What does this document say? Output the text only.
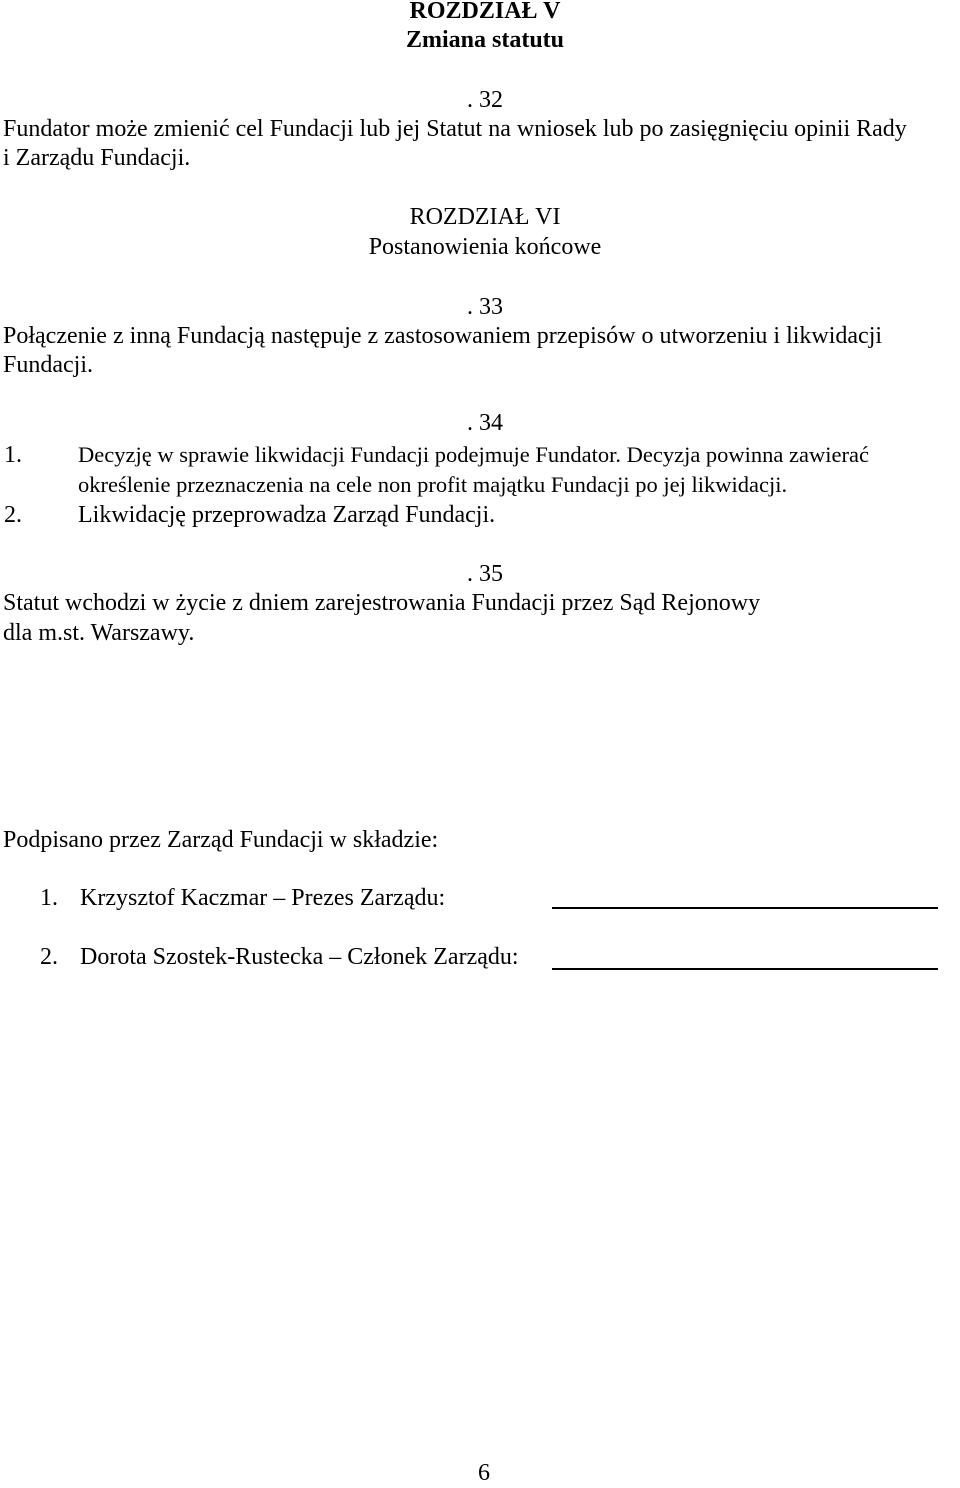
ROZDZIAŁ V
Zmiana statutu
. 32
Fundator może zmienić cel Fundacji lub jej Statut na wniosek lub po zasięgnięciu opinii Rady
i Zarządu Fundacji.
ROZDZIAŁ VI
Postanowienia końcowe
. 33
Połączenie z inną Fundacją następuje z zastosowaniem przepisów o utworzeniu i likwidacji
Fundacji.
. 34
1. Decyzję w sprawie likwidacji Fundacji podejmuje Fundator. Decyzja powinna zawierać
określenie przeznaczenia na cele non profit majątku Fundacji po jej likwidacji.
2. Likwidację przeprowadza Zarząd Fundacji.
. 35
Statut wchodzi w życie z dniem zarejestrowania Fundacji przez Sąd Rejonowy
dla m.st. Warszawy.
Podpisano przez Zarząd Fundacji w składzie:
1. Krzysztof Kaczmar – Prezes Zarządu:
2. Dorota Szostek-Rustecka – Członek Zarządu:
6
